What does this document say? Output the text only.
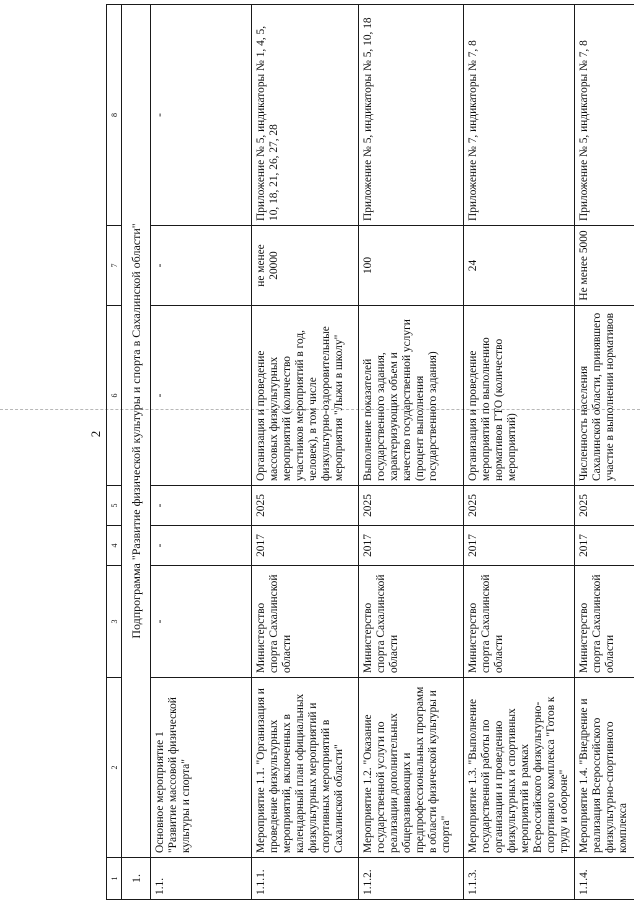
2
1	2	3	4	5	6	7	8
1.	Подпрограмма "Развитие физической культуры и спорта в Сахалинской области"						
1.1.	Основное мероприятие 1 "Развитие массовой физической культуры и спорта"	-	-	-	-	-	-
1.1.1.	Мероприятие 1.1. "Организация и проведение физкультурных мероприятий, включенных в календарный план официальных физкультурных мероприятий и спортивных мероприятий в Сахалинской области"	Министерство спорта Сахалинской области	2017	2025	Организация и проведение массовых физкультурных мероприятий (количество участников мероприятий в год, человек), в том числе физкультурно-оздоровительные мероприятия "Лыжи в школу"	не менее 20000	Приложение № 5, индикаторы № 1, 4, 5, 10, 18, 21, 26, 27, 28
1.1.2.	Мероприятие 1.2. "Оказание государственной услуги по реализации дополнительных общеразвивающих и предпрофессиональных программ в области физической культуры и спорта"	Министерство спорта Сахалинской области	2017	2025	Выполнение показателей государственного задания, характеризующих объем и качество государственной услуги (процент выполнения государственного задания)	100	Приложение № 5, индикаторы № 5, 10, 18
1.1.3.	Мероприятие 1.3. "Выполнение государственной работы по организации и проведению физкультурных и спортивных мероприятий в рамках Всероссийского физкультурно-спортивного комплекса "Готов к труду и обороне"	Министерство спорта Сахалинской области	2017	2025	Организация и проведение мероприятий по выполнению нормативов ГТО (количество мероприятий)	24	Приложение № 7, индикаторы № 7, 8
1.1.4.	Мероприятие 1.4. "Внедрение и реализация Всероссийского физкультурно-спортивного комплекса	Министерство спорта Сахалинской области	2017	2025	Численность населения Сахалинской области, принявшего участие в выполнении нормативов	Не менее 5000	Приложение № 5, индикаторы № 7, 8
